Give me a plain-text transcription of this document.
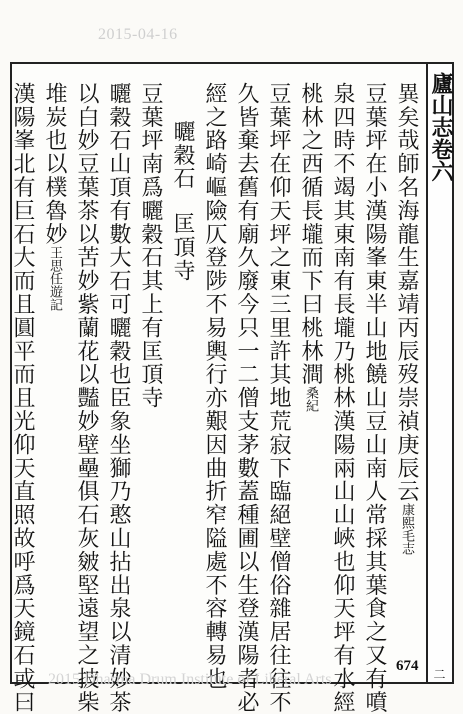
2015-04-16
廬山志卷六
二
異矣哉師名海龍生嘉靖丙辰歿崇禎庚辰云康熙毛志
豆葉坪在小漢陽峯東半山地饒山豆山南人常採其葉食之又有噴
泉四時不竭其東南有長壠乃桃林漢陽兩山山峽也仰天坪有水經
桃林之西循長壠而下曰桃林澗桑紀
豆葉坪在仰天坪之東三里許其地荒寂下臨絕壁僧俗雜居往往不
久皆棄去舊有廟久廢今只一二僧支茅數蓋種圃以生登漢陽者必
經之路崎嶇險仄登陟不易輿行亦艱因曲折窄隘處不容轉易也
曬穀石匡頂寺
豆葉坪南爲曬穀石其上有匡頂寺
曬穀石山頂有數大石可曬穀也臣象坐獅乃憨山拈出泉以清妙茶
以白妙豆葉茶以苦妙紫蘭花以豔妙壁壘俱石灰皴堅遠望之披柴
堆炭也以樸魯妙王思任遊記
漢陽峯北有巨石大而且圓平而且光仰天直照故呼爲天鏡石或曰	674
2015 Dharma Drum Institute of Liberal Arts
